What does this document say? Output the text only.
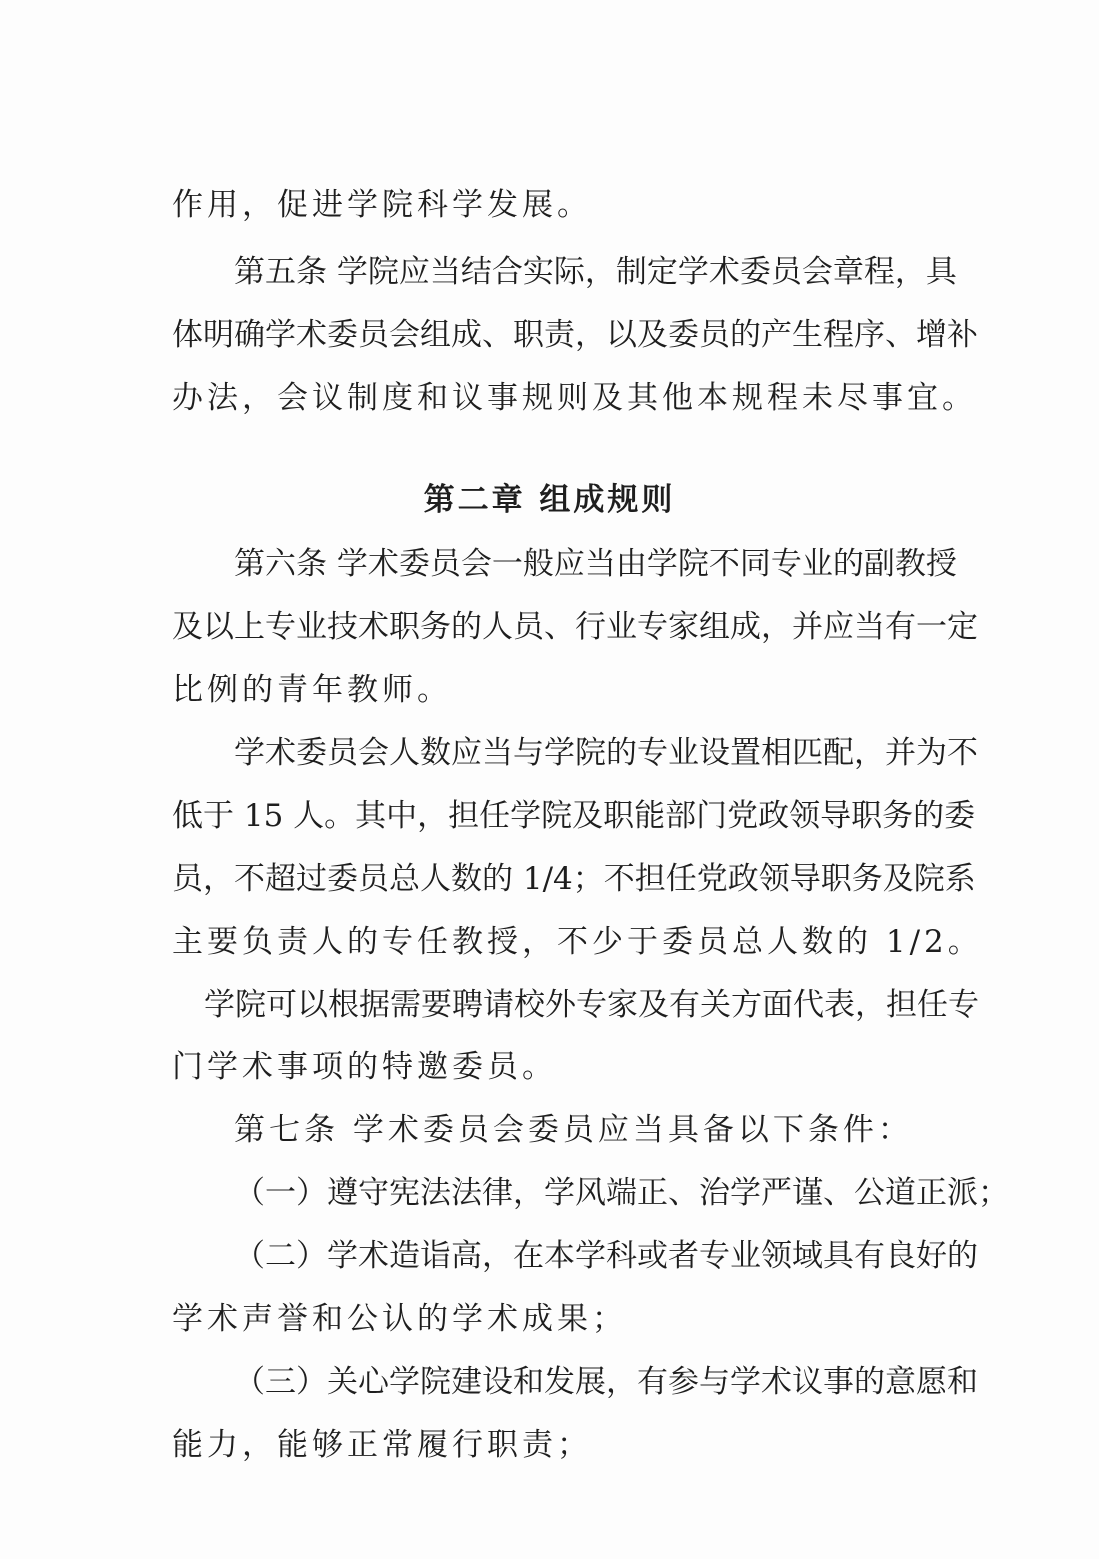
作用，促进学院科学发展。
第五条 学院应当结合实际，制定学术委员会章程，具
体明确学术委员会组成、职责，以及委员的产生程序、增补
办法，会议制度和议事规则及其他本规程未尽事宜。
第六条 学术委员会一般应当由学院不同专业的副教授
及以上专业技术职务的人员、行业专家组成，并应当有一定
比例的青年教师。
学术委员会人数应当与学院的专业设置相匹配，并为不
低于 15 人。其中，担任学院及职能部门党政领导职务的委
员，不超过委员总人数的 1/4；不担任党政领导职务及院系
主要负责人的专任教授，不少于委员总人数的 1/2。
学院可以根据需要聘请校外专家及有关方面代表，担任专
门学术事项的特邀委员。
第七条 学术委员会委员应当具备以下条件：
（一）遵守宪法法律，学风端正、治学严谨、公道正派；
（二）学术造诣高，在本学科或者专业领域具有良好的
学术声誉和公认的学术成果；
（三）关心学院建设和发展，有参与学术议事的意愿和
能力，能够正常履行职责；
第二章 组成规则
